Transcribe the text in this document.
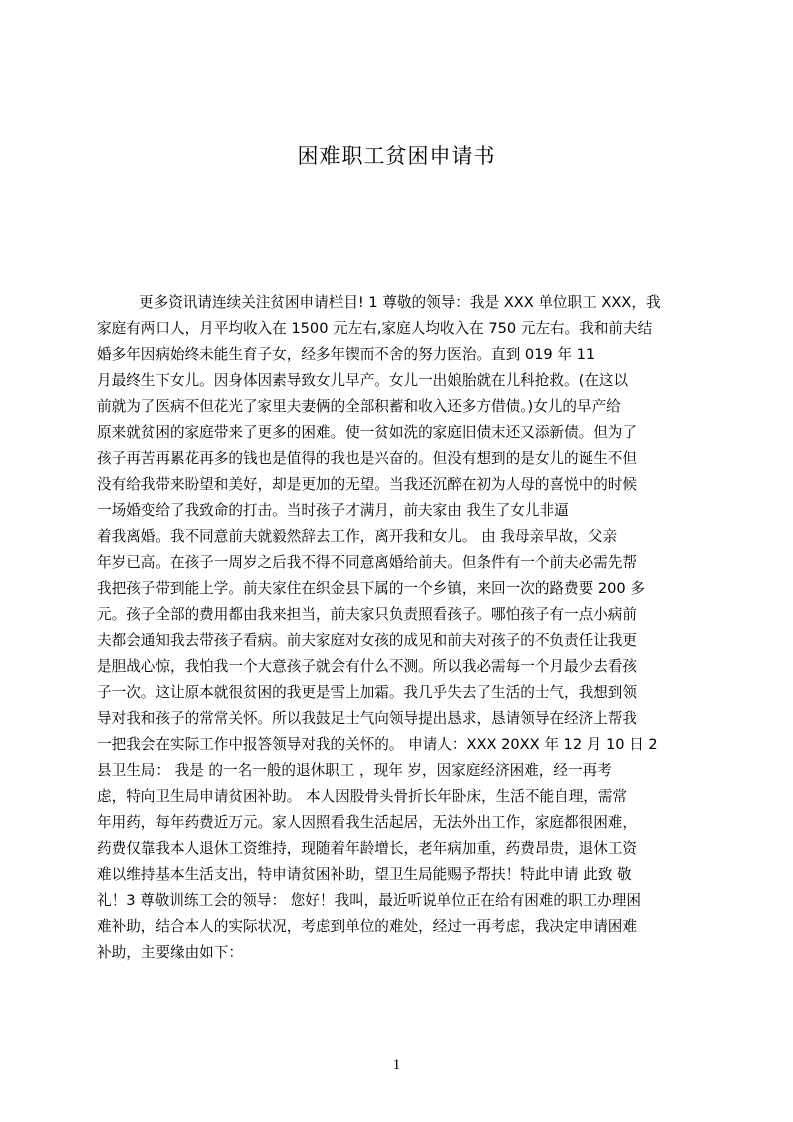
困难职工贫困申请书
更多资讯请连续关注贫困申请栏目! 1 尊敬的领导：我是 XXX 单位职工 XXX，我
家庭有两口人，月平均收入在 1500 元左右,家庭人均收入在 750 元左右。我和前夫结
婚多年因病始终未能生育子女，经多年锲而不舍的努力医治。直到 019 年 11
月最终生下女儿。因身体因素导致女儿早产。女儿一出娘胎就在儿科抢救。(在这以
前就为了医病不但花光了家里夫妻俩的全部积蓄和收入还多方借债。)女儿的早产给
原来就贫困的家庭带来了更多的困难。使一贫如洗的家庭旧债末还又添新债。但为了
孩子再苦再累花再多的钱也是值得的我也是兴奋的。但没有想到的是女儿的诞生不但
没有给我带来盼望和美好，却是更加的无望。当我还沉醉在初为人母的喜悦中的时候
一场婚变给了我致命的打击。当时孩子才满月，前夫家由 我生了女儿非逼
着我离婚。我不同意前夫就毅然辞去工作，离开我和女儿。 由 我母亲早故，父亲
年岁已高。在孩子一周岁之后我不得不同意离婚给前夫。但条件有一个前夫必需先帮
我把孩子带到能上学。前夫家住在织金县下属的一个乡镇，来回一次的路费要 200 多
元。孩子全部的费用都由我来担当，前夫家只负责照看孩子。哪怕孩子有一点小病前
夫都会通知我去带孩子看病。前夫家庭对女孩的成见和前夫对孩子的不负责任让我更
是胆战心惊，我怕我一个大意孩子就会有什么不测。所以我必需每一个月最少去看孩
子一次。这让原本就很贫困的我更是雪上加霜。我几乎失去了生活的士气，我想到领
导对我和孩子的常常关怀。所以我鼓足士气向领导提出恳求，恳请领导在经济上帮我
一把我会在实际工作中报答领导对我的关怀的。 申请人：XXX 20XX 年 12 月 10 日 2
县卫生局： 我是 的一名一般的退休职工 ，现年 岁，因家庭经济困难，经一再考
虑，特向卫生局申请贫困补助。 本人因股骨头骨折长年卧床，生活不能自理，需常
年用药，每年药费近万元。家人因照看我生活起居，无法外出工作，家庭都很困难，
药费仅靠我本人退休工资维持，现随着年龄增长，老年病加重，药费昂贵，退休工资
难以维持基本生活支出，特申请贫困补助，望卫生局能赐予帮扶！特此申请 此致 敬
礼！3 尊敬训练工会的领导： 您好！我叫，最近听说单位正在给有困难的职工办理困
难补助，结合本人的实际状况，考虑到单位的难处，经过一再考虑，我决定申请困难
补助，主要缘由如下：
1
